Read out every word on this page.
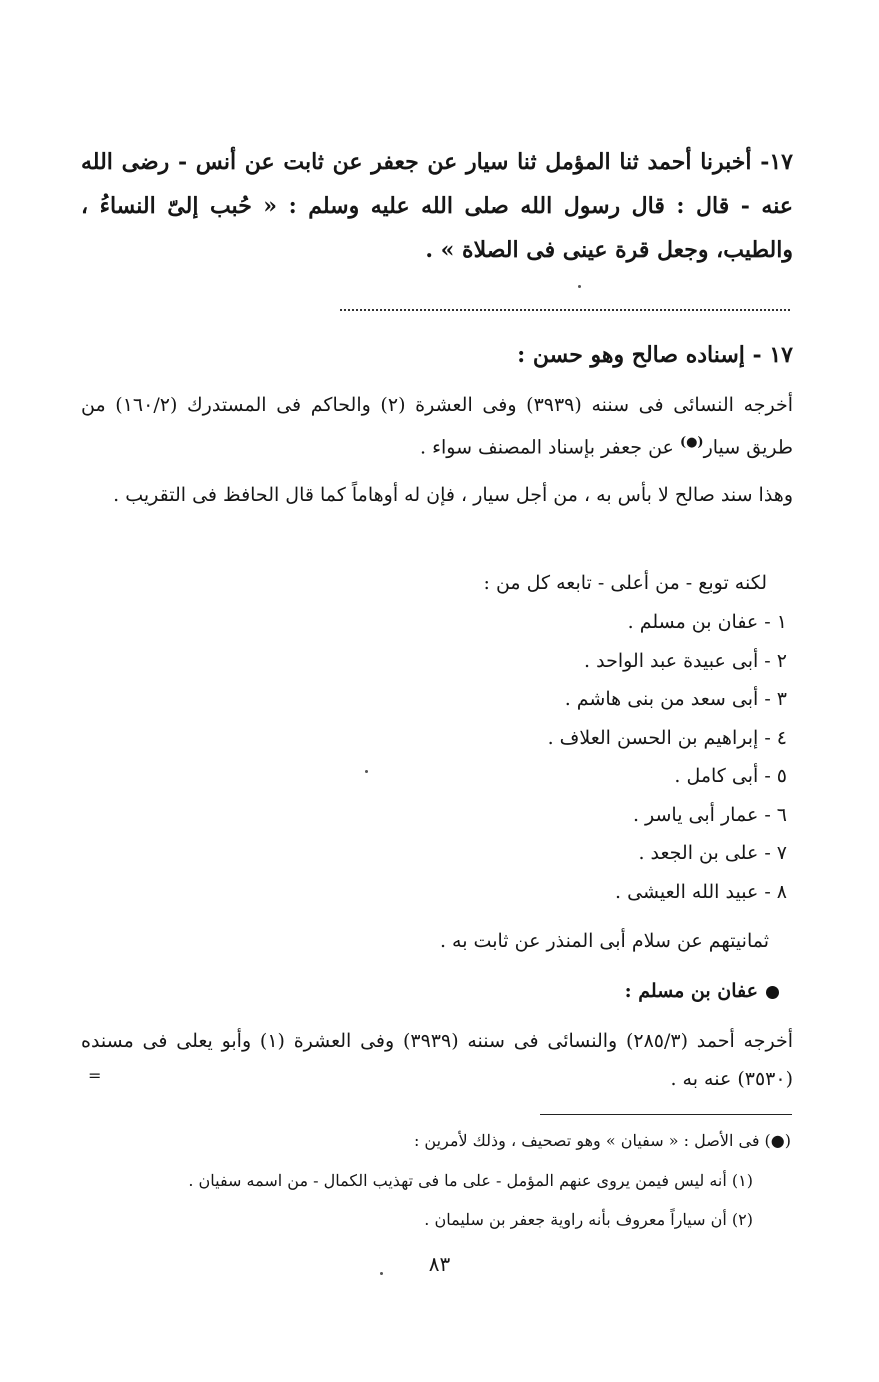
١٧- أخبرنا أحمد ثنا المؤمل ثنا سيار عن جعفر عن ثابت عن أنس - رضى الله عنه - قال : قال رسول الله صلى الله عليه وسلم : « حُبب إلىّ النساءُ ، والطيب، وجعل قرة عينى فى الصلاة » .
١٧ - إسناده صالح وهو حسن :
أخرجه النسائى فى سننه (٣٩٣٩) وفى العشرة (٢) والحاكم فى المستدرك (١٦٠/٢) من طريق سيار(●) عن جعفر بإسناد المصنف سواء .
وهذا سند صالح لا بأس به ، من أجل سيار ، فإن له أوهاماً كما قال الحافظ فى التقريب .
لكنه توبع - من أعلى - تابعه كل من :
١ - عفان بن مسلم .
٢ - أبى عبيدة عبد الواحد .
٣ - أبى سعد من بنى هاشم .
٤ - إبراهيم بن الحسن العلاف .
٥ - أبى كامل .
٦ - عمار أبى ياسر .
٧ - على بن الجعد .
٨ - عبيد الله العيشى .
ثمانيتهم عن سلام أبى المنذر عن ثابت به .
عفان بن مسلم :
أخرجه أحمد (٢٨٥/٣) والنسائى فى سننه (٣٩٣٩) وفى العشرة (١) وأبو يعلى فى مسنده (٣٥٣٠) عنه به .
=
(●) فى الأصل : « سفيان » وهو تصحيف ، وذلك لأمرين :
(١) أنه ليس فيمن يروى عنهم المؤمل - على ما فى تهذيب الكمال - من اسمه سفيان .
(٢) أن سياراً معروف بأنه راوية جعفر بن سليمان .
٨٣
